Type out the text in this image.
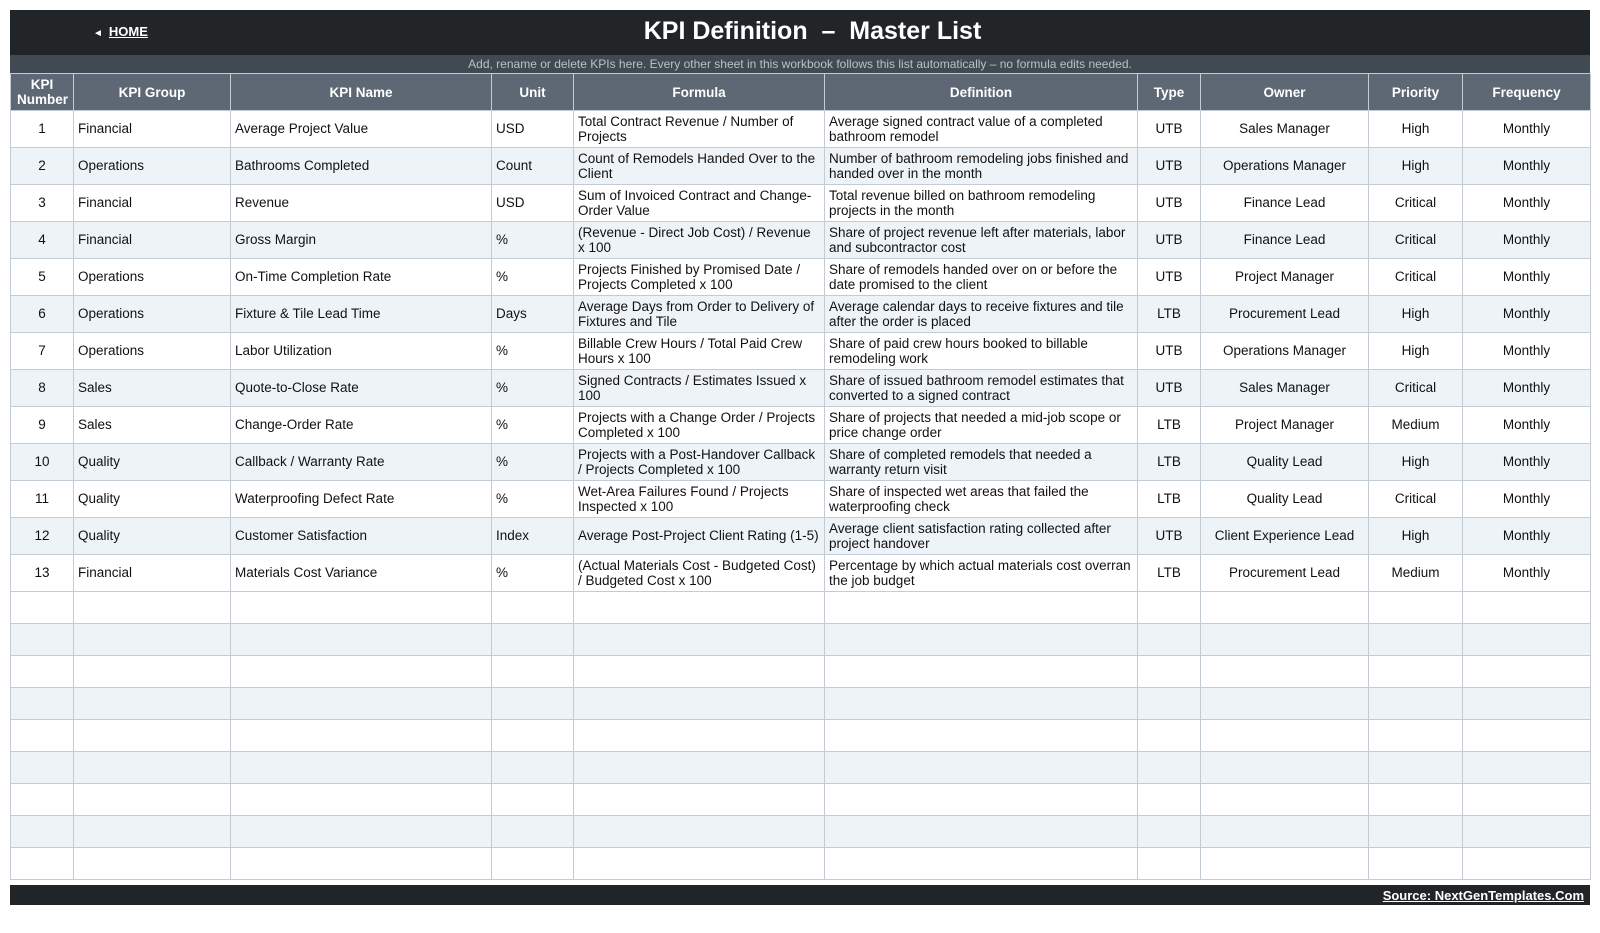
◄ HOME	KPI Definition  –  Master List
Add, rename or delete KPIs here. Every other sheet in this workbook follows this list automatically – no formula edits needed.
KPI Number	KPI Group	KPI Name	Unit	Formula	Definition	Type	Owner	Priority	Frequency
1	Financial	Average Project Value	USD	Total Contract Revenue / Number of Projects	Average signed contract value of a completed bathroom remodel	UTB	Sales Manager	High	Monthly
2	Operations	Bathrooms Completed	Count	Count of Remodels Handed Over to the Client	Number of bathroom remodeling jobs finished and handed over in the month	UTB	Operations Manager	High	Monthly
3	Financial	Revenue	USD	Sum of Invoiced Contract and Change-Order Value	Total revenue billed on bathroom remodeling projects in the month	UTB	Finance Lead	Critical	Monthly
4	Financial	Gross Margin	%	(Revenue - Direct Job Cost) / Revenue x 100	Share of project revenue left after materials, labor and subcontractor cost	UTB	Finance Lead	Critical	Monthly
5	Operations	On-Time Completion Rate	%	Projects Finished by Promised Date / Projects Completed x 100	Share of remodels handed over on or before the date promised to the client	UTB	Project Manager	Critical	Monthly
6	Operations	Fixture & Tile Lead Time	Days	Average Days from Order to Delivery of Fixtures and Tile	Average calendar days to receive fixtures and tile after the order is placed	LTB	Procurement Lead	High	Monthly
7	Operations	Labor Utilization	%	Billable Crew Hours / Total Paid Crew Hours x 100	Share of paid crew hours booked to billable remodeling work	UTB	Operations Manager	High	Monthly
8	Sales	Quote-to-Close Rate	%	Signed Contracts / Estimates Issued x 100	Share of issued bathroom remodel estimates that converted to a signed contract	UTB	Sales Manager	Critical	Monthly
9	Sales	Change-Order Rate	%	Projects with a Change Order / Projects Completed x 100	Share of projects that needed a mid-job scope or price change order	LTB	Project Manager	Medium	Monthly
10	Quality	Callback / Warranty Rate	%	Projects with a Post-Handover Callback / Projects Completed x 100	Share of completed remodels that needed a warranty return visit	LTB	Quality Lead	High	Monthly
11	Quality	Waterproofing Defect Rate	%	Wet-Area Failures Found / Projects Inspected x 100	Share of inspected wet areas that failed the waterproofing check	LTB	Quality Lead	Critical	Monthly
12	Quality	Customer Satisfaction	Index	Average Post-Project Client Rating (1-5)	Average client satisfaction rating collected after project handover	UTB	Client Experience Lead	High	Monthly
13	Financial	Materials Cost Variance	%	(Actual Materials Cost - Budgeted Cost) / Budgeted Cost x 100	Percentage by which actual materials cost overran the job budget	LTB	Procurement Lead	Medium	Monthly

Source: NextGenTemplates.Com
